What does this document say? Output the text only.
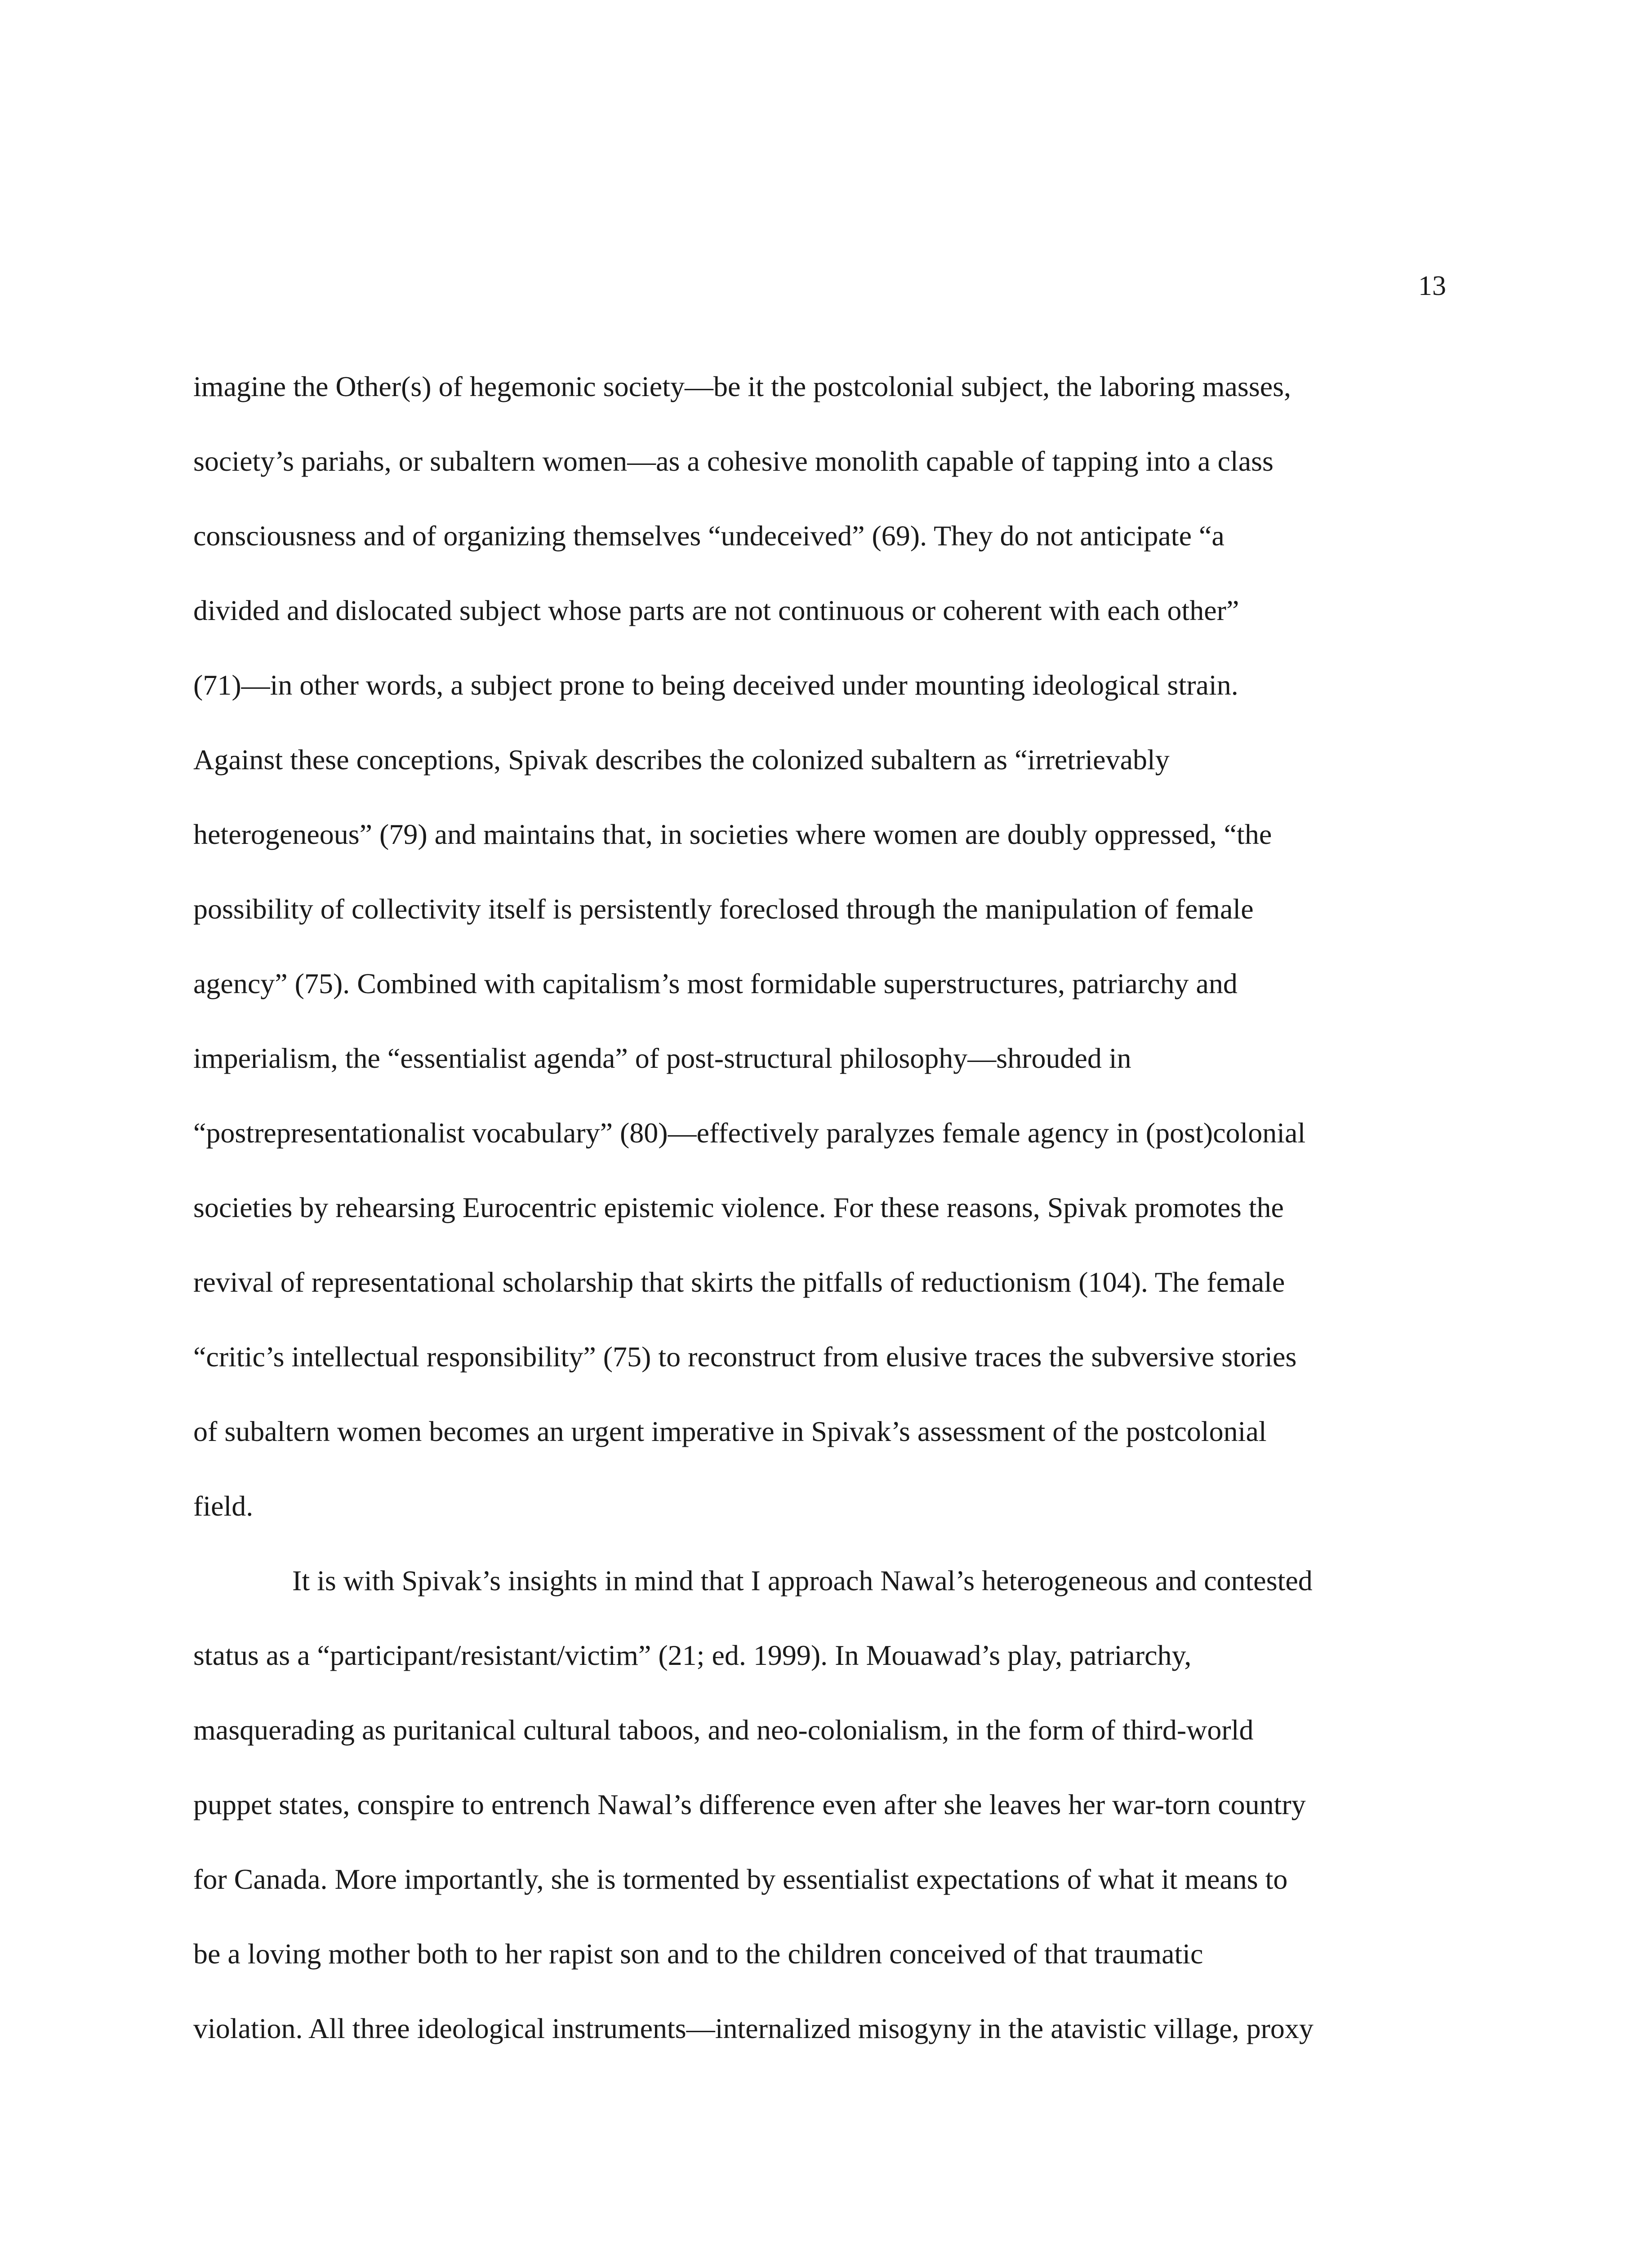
13
imagine the Other(s) of hegemonic society—be it the postcolonial subject, the laboring masses,
society’s pariahs, or subaltern women—as a cohesive monolith capable of tapping into a class
consciousness and of organizing themselves “undeceived” (69). They do not anticipate “a
divided and dislocated subject whose parts are not continuous or coherent with each other”
(71)—in other words, a subject prone to being deceived under mounting ideological strain.
Against these conceptions, Spivak describes the colonized subaltern as “irretrievably
heterogeneous” (79) and maintains that, in societies where women are doubly oppressed, “the
possibility of collectivity itself is persistently foreclosed through the manipulation of female
agency” (75). Combined with capitalism’s most formidable superstructures, patriarchy and
imperialism, the “essentialist agenda” of post-structural philosophy—shrouded in
“postrepresentationalist vocabulary” (80)—effectively paralyzes female agency in (post)colonial
societies by rehearsing Eurocentric epistemic violence. For these reasons, Spivak promotes the
revival of representational scholarship that skirts the pitfalls of reductionism (104). The female
“critic’s intellectual responsibility” (75) to reconstruct from elusive traces the subversive stories
of subaltern women becomes an urgent imperative in Spivak’s assessment of the postcolonial
field.
It is with Spivak’s insights in mind that I approach Nawal’s heterogeneous and contested
status as a “participant/resistant/victim” (21; ed. 1999). In Mouawad’s play, patriarchy,
masquerading as puritanical cultural taboos, and neo-colonialism, in the form of third-world
puppet states, conspire to entrench Nawal’s difference even after she leaves her war-torn country
for Canada. More importantly, she is tormented by essentialist expectations of what it means to
be a loving mother both to her rapist son and to the children conceived of that traumatic
violation. All three ideological instruments—internalized misogyny in the atavistic village, proxy
